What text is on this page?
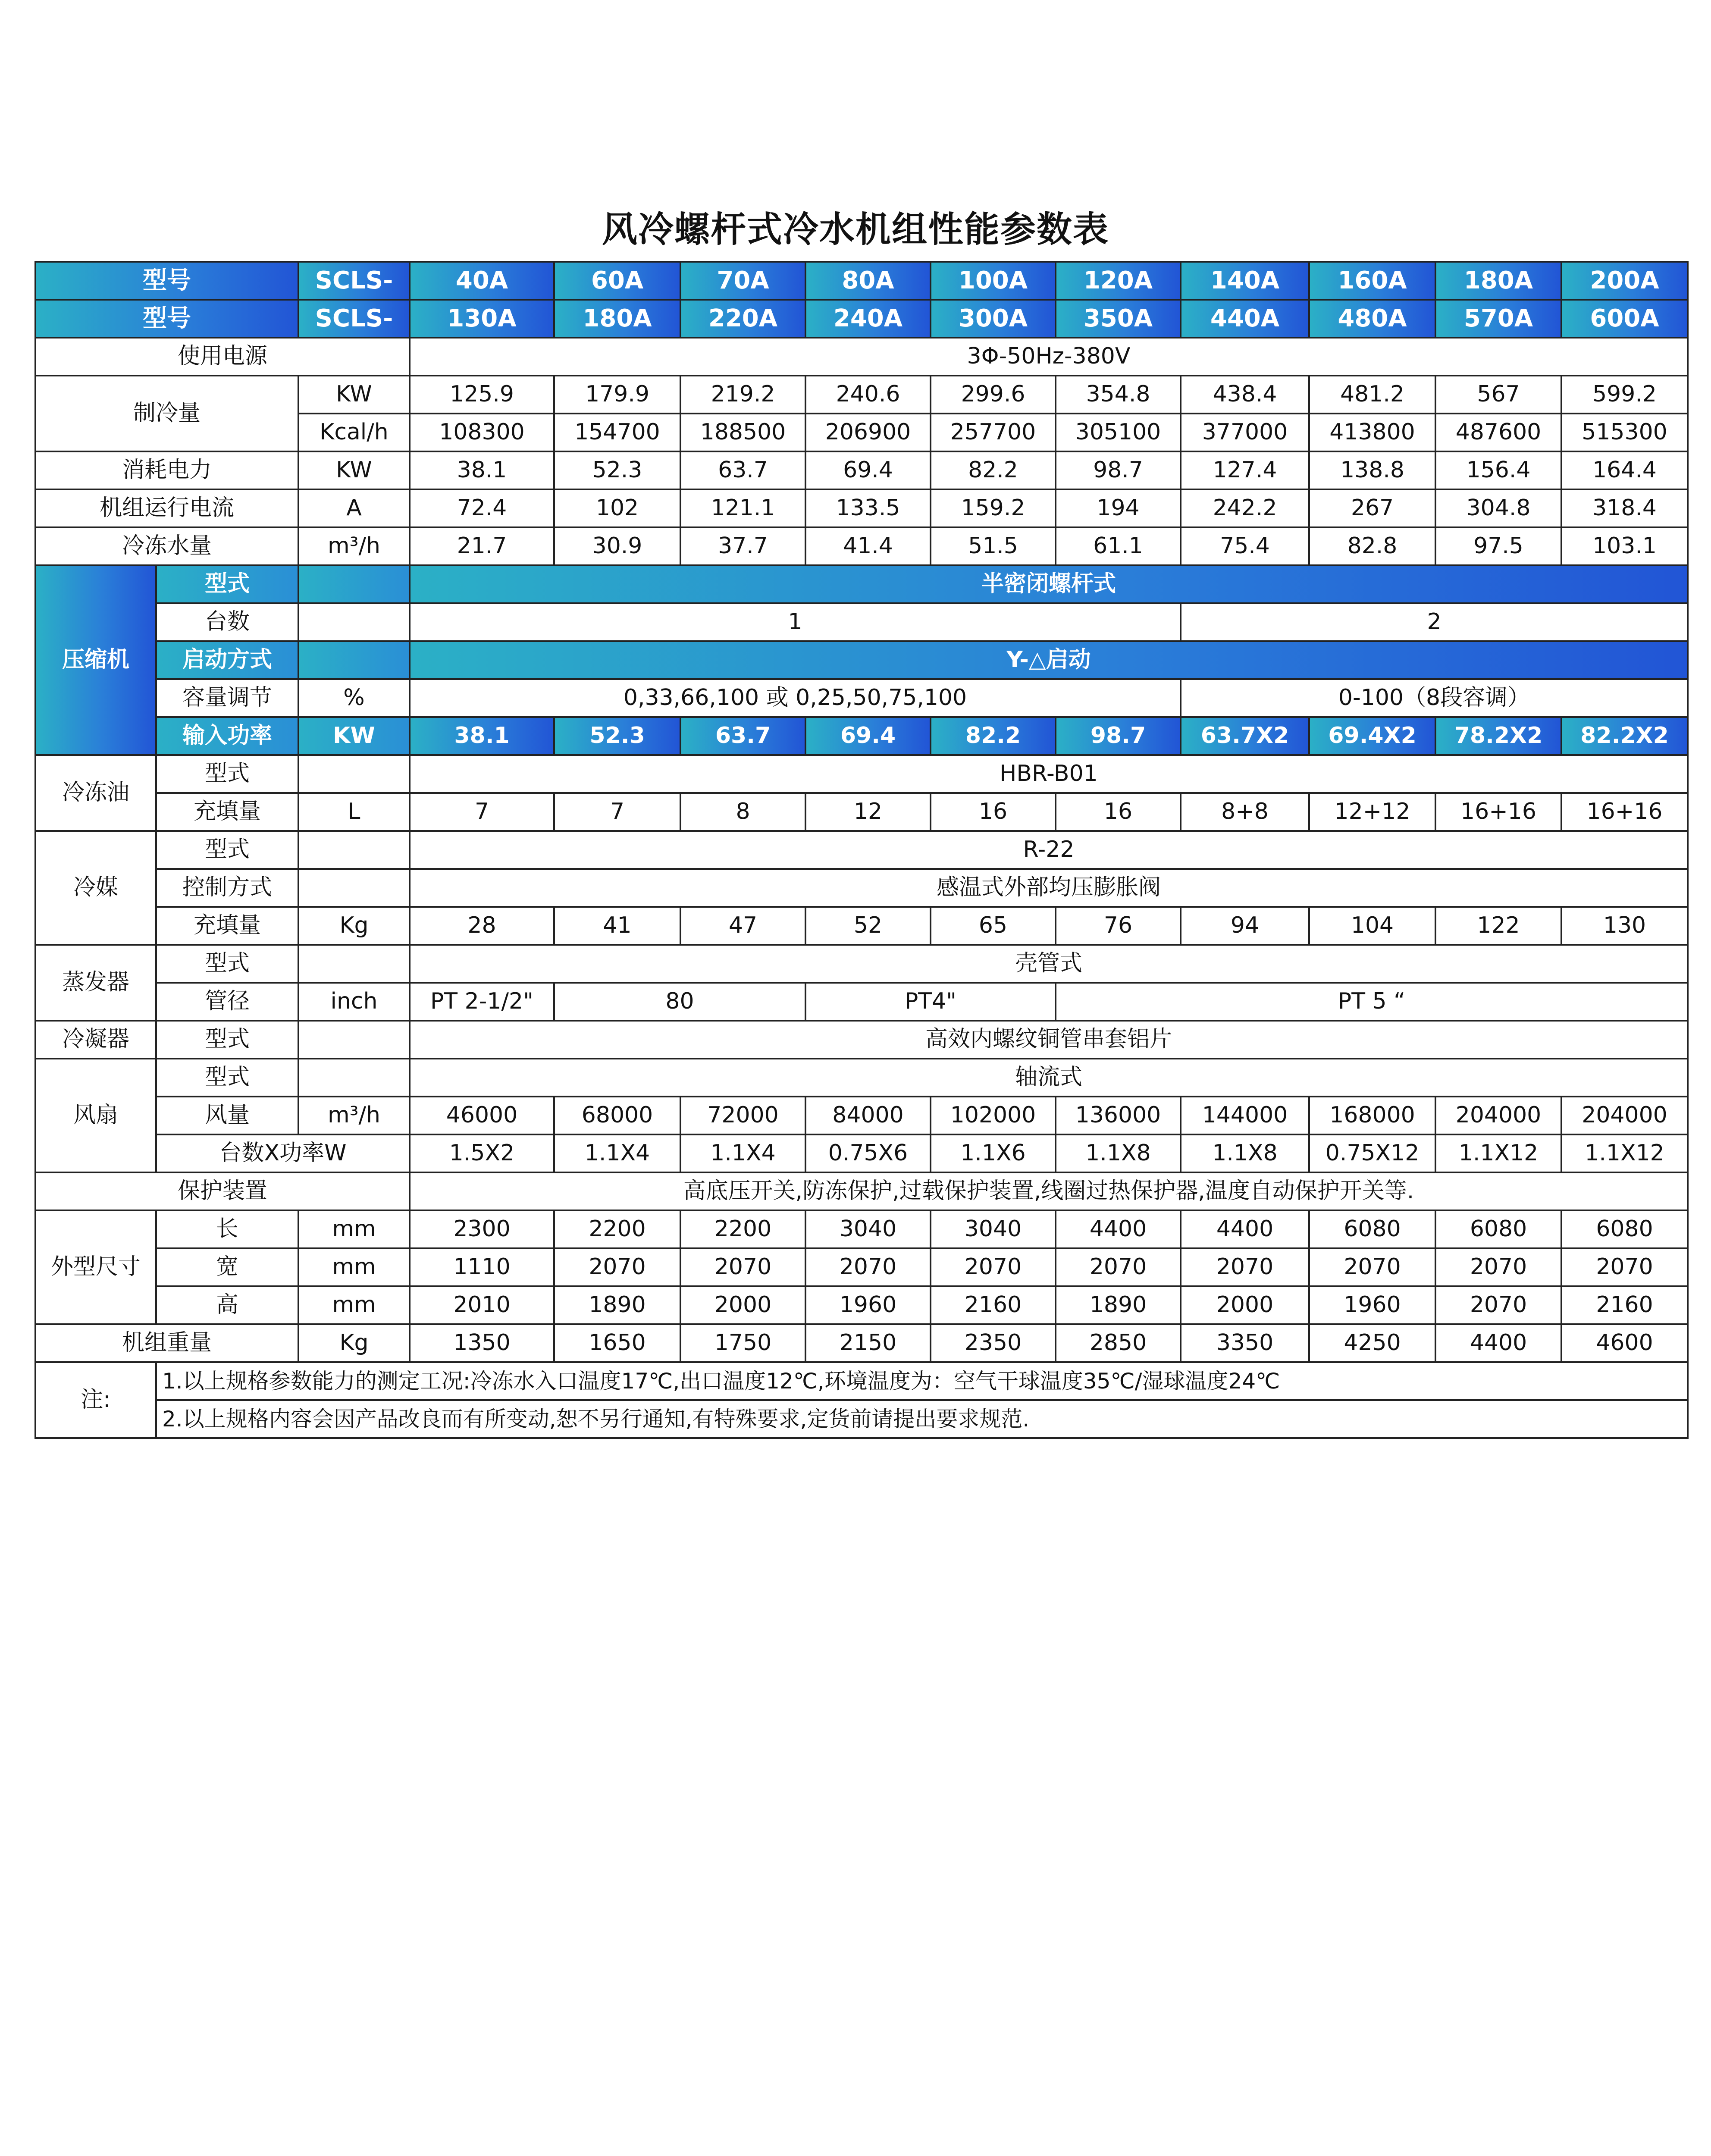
风冷螺杆式冷水机组性能参数表
型号		SCLS-	40A	60A	70A	80A	100A	120A	140A	160A	180A	200A
型号		SCLS-	130A	180A	220A	240A	300A	350A	440A	480A	570A	600A
使用电源			3Φ-50Hz-380V									
制冷量		KW	125.9	179.9	219.2	240.6	299.6	354.8	438.4	481.2	567	599.2
		Kcal/h	108300	154700	188500	206900	257700	305100	377000	413800	487600	515300
消耗电力		KW	38.1	52.3	63.7	69.4	82.2	98.7	127.4	138.8	156.4	164.4
机组运行电流		A	72.4	102	121.1	133.5	159.2	194	242.2	267	304.8	318.4
冷冻水量		m³/h	21.7	30.9	37.7	41.4	51.5	61.1	75.4	82.8	97.5	103.1
压缩机	型式		半密闭螺杆式									
	台数		1						2			
	启动方式		Y-△启动									
	容量调节	%	0,33,66,100 或 0,25,50,75,100						0-100（8段容调）			
	输入功率	KW	38.1	52.3	63.7	69.4	82.2	98.7	63.7X2	69.4X2	78.2X2	82.2X2
冷冻油	型式		HBR-B01									
	充填量	L	7	7	8	12	16	16	8+8	12+12	16+16	16+16
冷媒	型式		R-22									
	控制方式		感温式外部均压膨胀阀									
	充填量	Kg	28	41	47	52	65	76	94	104	122	130
蒸发器	型式		壳管式									
	管径	inch	PT 2-1/2"	80		PT4"		PT 5 “				
冷凝器	型式		高效内螺纹铜管串套铝片									
风扇	型式		轴流式									
	风量	m³/h	46000	68000	72000	84000	102000	136000	144000	168000	204000	204000
	台数X功率W		1.5X2	1.1X4	1.1X4	0.75X6	1.1X6	1.1X8	1.1X8	0.75X12	1.1X12	1.1X12
保护装置			高底压开关,防冻保护,过载保护装置,线圈过热保护器,温度自动保护开关等.									
外型尺寸	长	mm	2300	2200	2200	3040	3040	4400	4400	6080	6080	6080
	宽	mm	1110	2070	2070	2070	2070	2070	2070	2070	2070	2070
	高	mm	2010	1890	2000	1960	2160	1890	2000	1960	2070	2160
机组重量		Kg	1350	1650	1750	2150	2350	2850	3350	4250	4400	4600
注:	1.以上规格参数能力的测定工况:冷冻水入口温度17℃,出口温度12℃,环境温度为：空气干球温度35℃/湿球温度24℃											
	2.以上规格内容会因产品改良而有所变动,恕不另行通知,有特殊要求,定货前请提出要求规范.											
